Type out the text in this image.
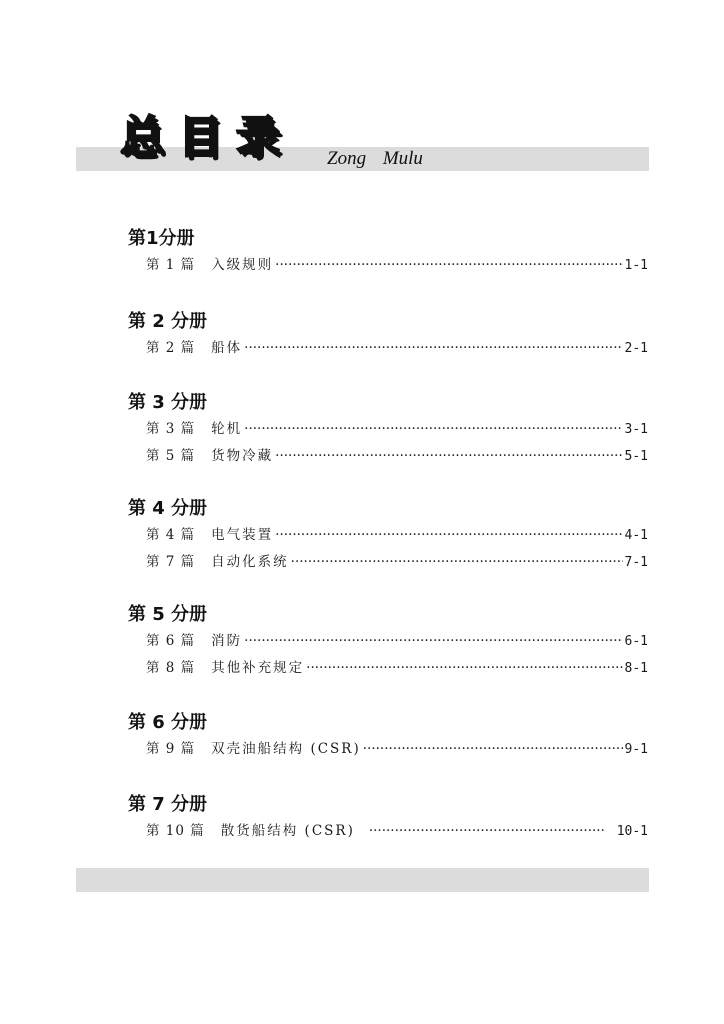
总目录 Zong Mulu
第1分册
第 1 篇 入级规则 ·····	1-1
第 2 分册
第 2 篇 船体 ·····	2-1
第 3 分册
第 3 篇 轮机 ·····	3-1
第 5 篇 货物冷藏 ·····	5-1
第 4 分册
第 4 篇 电气装置 ·····	4-1
第 7 篇 自动化系统 ·····	7-1
第 5 分册
第 6 篇 消防 ·····	6-1
第 8 篇 其他补充规定 ·····	8-1
第 6 分册
第 9 篇 双壳油船结构 (CSR) ·····	9-1
第 7 分册
第 10 篇 散货船结构 (CSR) ·····	10-1
